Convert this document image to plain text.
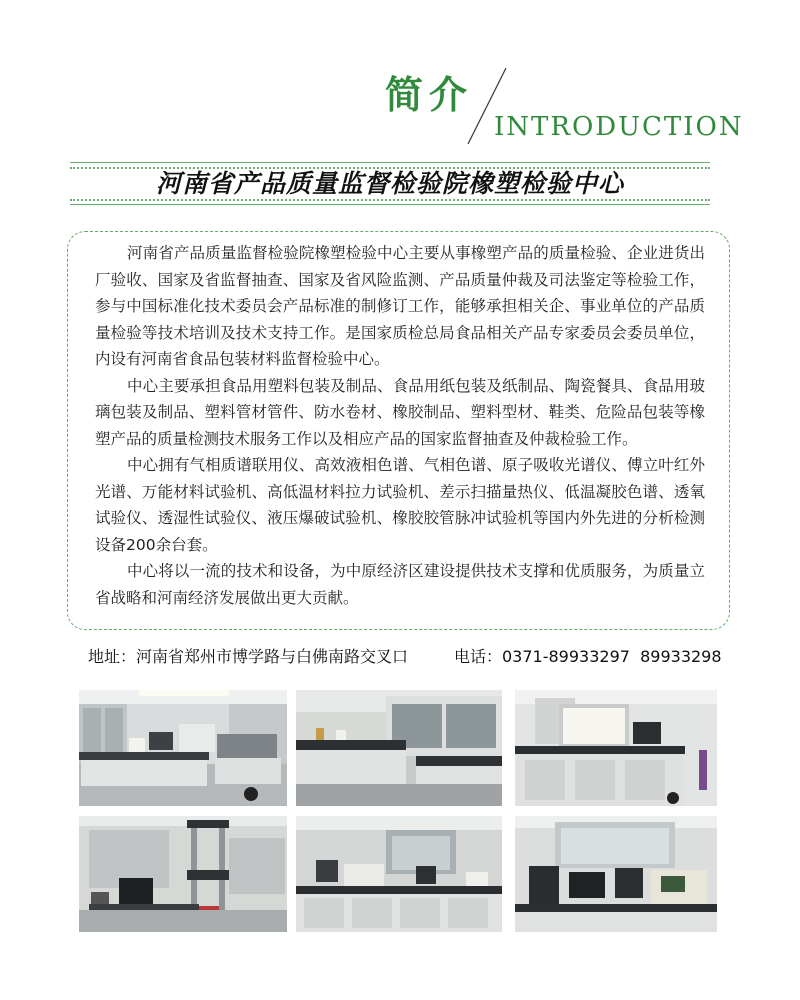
简介
INTRODUCTION
河南省产品质量监督检验院橡塑检验中心

河南省产品质量监督检验院橡塑检验中心主要从事橡塑产品的质量检验、企业进货出厂验收、国家及省监督抽查、国家及省风险监测、产品质量仲裁及司法鉴定等检验工作，参与中国标准化技术委员会产品标准的制修订工作，能够承担相关企、事业单位的产品质量检验等技术培训及技术支持工作。是国家质检总局食品相关产品专家委员会委员单位，内设有河南省食品包装材料监督检验中心。

中心主要承担食品用塑料包装及制品、食品用纸包装及纸制品、陶瓷餐具、食品用玻璃包装及制品、塑料管材管件、防水卷材、橡胶制品、塑料型材、鞋类、危险品包装等橡塑产品的质量检测技术服务工作以及相应产品的国家监督抽查及仲裁检验工作。

中心拥有气相质谱联用仪、高效液相色谱、气相色谱、原子吸收光谱仪、傅立叶红外光谱、万能材料试验机、高低温材料拉力试验机、差示扫描量热仪、低温凝胶色谱、透氧试验仪、透湿性试验仪、液压爆破试验机、橡胶胶管脉冲试验机等国内外先进的分析检测设备200余台套。

中心将以一流的技术和设备，为中原经济区建设提供技术支撑和优质服务，为质量立省战略和河南经济发展做出更大贡献。

地址：河南省郑州市博学路与白佛南路交叉口	电话：0371-89933297  89933298
